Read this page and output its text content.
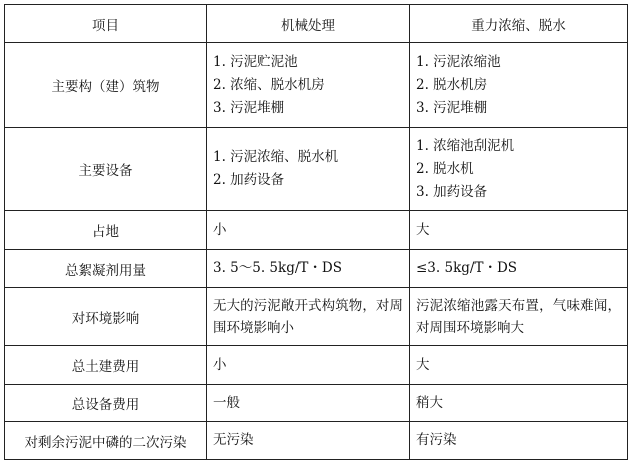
项目	机械处理	重力浓缩、脱水
主要构（建）筑物	1. 污泥贮泥池
2. 浓缩、脱水机房
3. 污泥堆棚	1. 污泥浓缩池
2. 脱水机房
3. 污泥堆棚

主要设备	1. 污泥浓缩、脱水机
2. 加药设备	1. 浓缩池刮泥机
2. 脱水机
3. 加药设备

占地	小	大
总絮凝剂用量	3. 5～5. 5kg/T・DS	≤3. 5kg/T・DS
对环境影响	无大的污泥敞开式构筑物，对周围环境影响小	污泥浓缩池露天布置，气味难闻，对周围环境影响大
总土建费用	小	大
总设备费用	一般	稍大
对剩余污泥中磷的二次污染	无污染	有污染
